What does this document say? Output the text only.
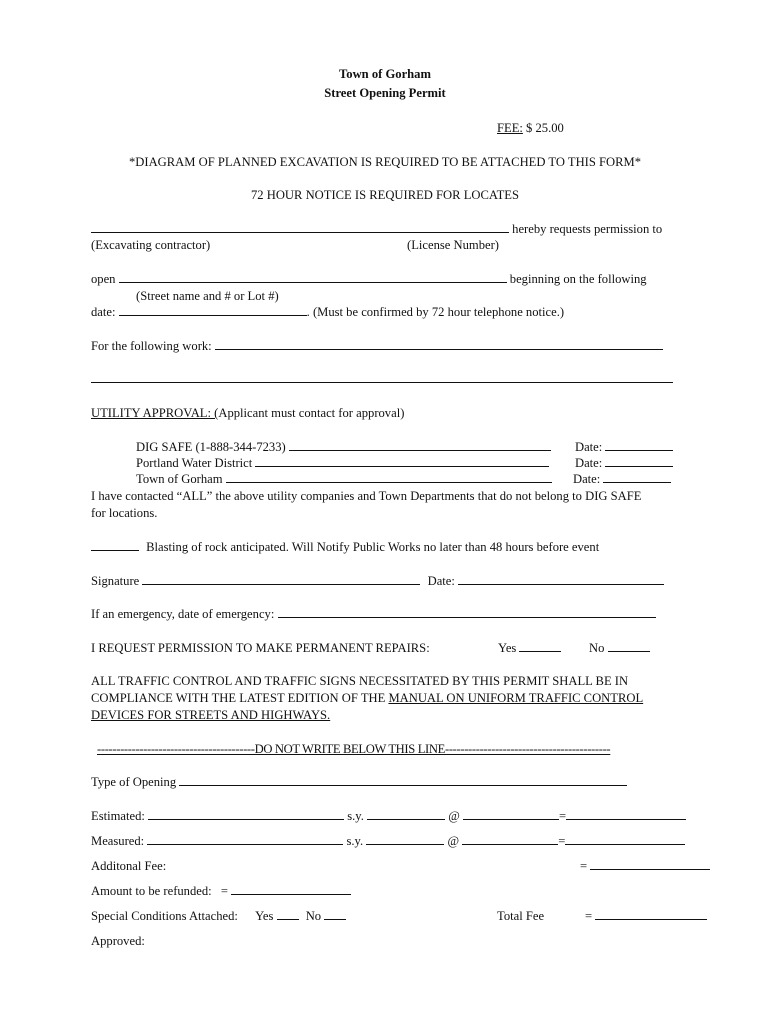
Town of Gorham
Street Opening Permit
FEE: $ 25.00
*DIAGRAM OF PLANNED EXCAVATION IS REQUIRED TO BE ATTACHED TO THIS FORM*
72 HOUR NOTICE IS REQUIRED FOR LOCATES
hereby requests permission to
(Excavating contractor)	(License Number)
open	beginning on the following
(Street name and # or Lot #)
date:	. (Must be confirmed by 72 hour telephone notice.)
For the following work:
UTILITY APPROVAL: (Applicant must contact for approval)
DIG SAFE (1-888-344-7233)	Date:
Portland Water District	Date:
Town of Gorham	Date:
I have contacted “ALL” the above utility companies and Town Departments that do not belong to DIG SAFE
for locations.
Blasting of rock anticipated. Will Notify Public Works no later than 48 hours before event
Signature	Date:
If an emergency, date of emergency:
I REQUEST PERMISSION TO MAKE PERMANENT REPAIRS:	Yes	No
ALL TRAFFIC CONTROL AND TRAFFIC SIGNS NECESSITATED BY THIS PERMIT SHALL BE IN
COMPLIANCE WITH THE LATEST EDITION OF THE MANUAL ON UNIFORM TRAFFIC CONTROL
DEVICES FOR STREETS AND HIGHWAYS.
-----------------------------------------DO NOT WRITE BELOW THIS LINE-------------------------------------------
Type of Opening
Estimated:	s.y.	@	=
Measured:	s.y.	@	=
Additonal Fee:	=
Amount to be refunded: =
Special Conditions Attached: Yes	No	Total Fee	=
Approved:
